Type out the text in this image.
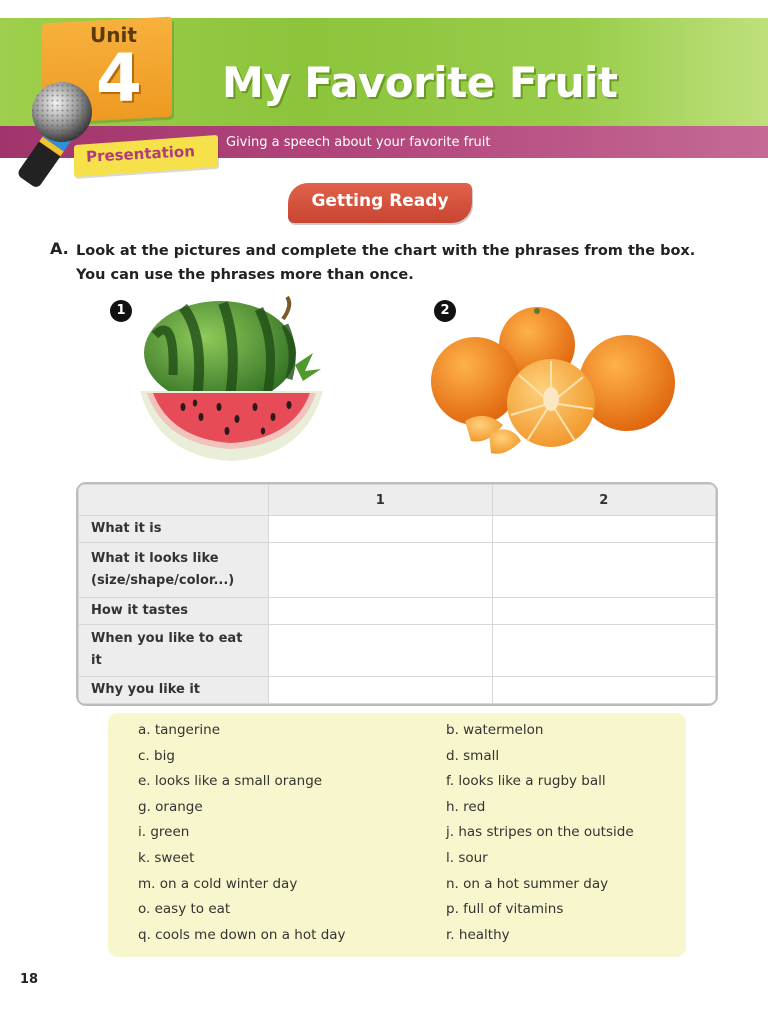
Unit
4 My Favorite Fruit
Giving a speech about your favorite fruit
Presentation
Getting Ready
A. Look at the pictures and complete the chart with the phrases from the box.
You can use the phrases more than once.
1	2
	1	2
What it is		
What it looks like
(size/shape/color...)		
How it tastes		
When you like to eat it		
Why you like it		
a. tangerine	b. watermelon
c. big	d. small
e. looks like a small orange	f. looks like a rugby ball
g. orange	h. red
i. green	j. has stripes on the outside
k. sweet	l. sour
m. on a cold winter day	n. on a hot summer day
o. easy to eat	p. full of vitamins
q. cools me down on a hot day	r. healthy
18
